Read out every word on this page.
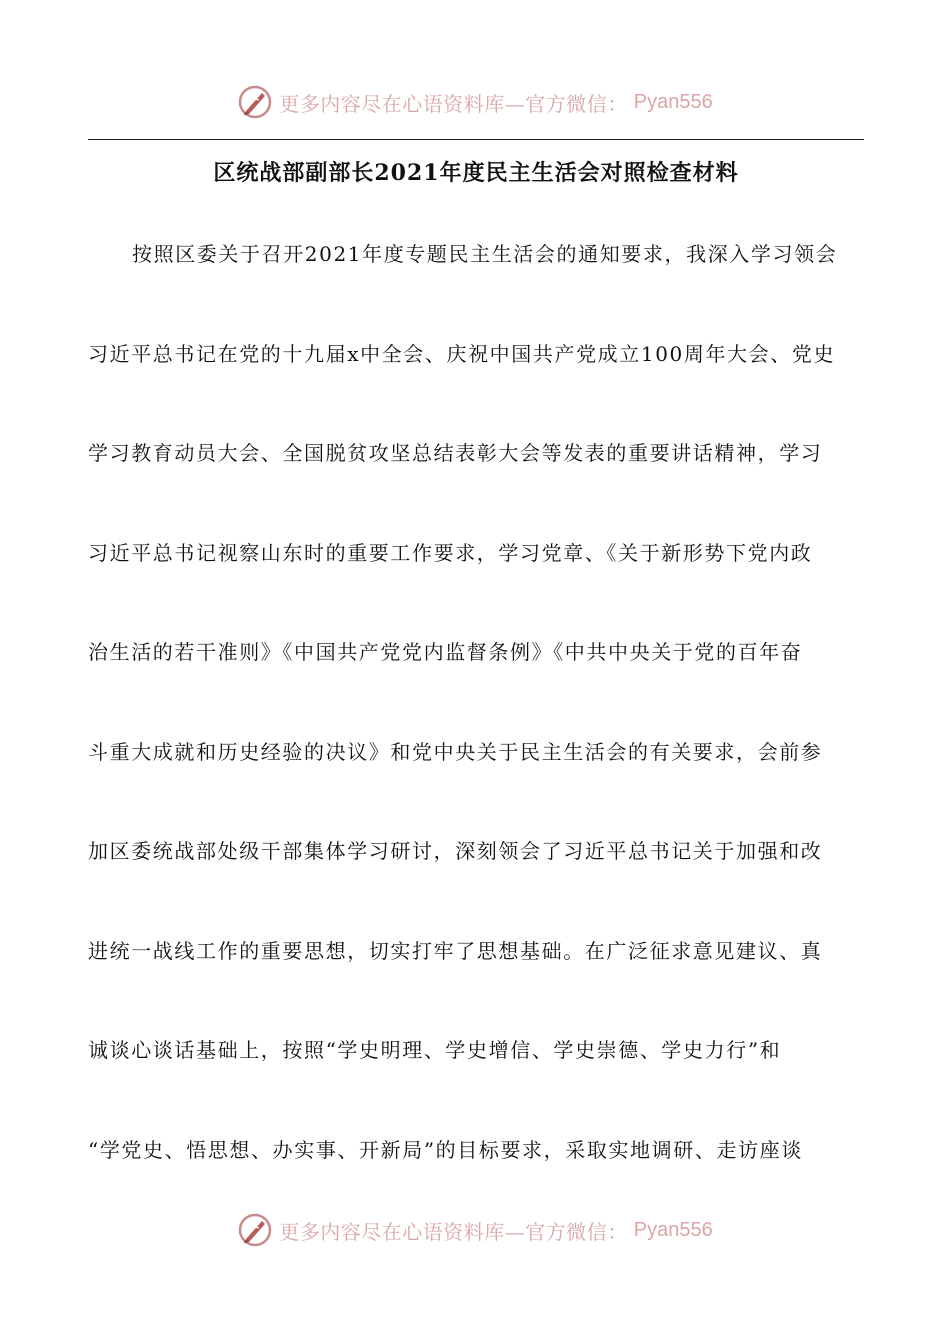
更多内容尽在心语资料库—官方微信： Pyan556
区统战部副部长2021年度民主生活会对照检查材料
按照区委关于召开2021年度专题民主生活会的通知要求，我深入学习领会
习近平总书记在党的十九届x中全会、庆祝中国共产党成立100周年大会、党史
学习教育动员大会、全国脱贫攻坚总结表彰大会等发表的重要讲话精神，学习
习近平总书记视察山东时的重要工作要求，学习党章、《关于新形势下党内政
治生活的若干准则》《中国共产党党内监督条例》《中共中央关于党的百年奋
斗重大成就和历史经验的决议》和党中央关于民主生活会的有关要求，会前参
加区委统战部处级干部集体学习研讨，深刻领会了习近平总书记关于加强和改
进统一战线工作的重要思想，切实打牢了思想基础。在广泛征求意见建议、真
诚谈心谈话基础上，按照“学史明理、学史增信、学史崇德、学史力行”和
“学党史、悟思想、办实事、开新局”的目标要求，采取实地调研、走访座谈
更多内容尽在心语资料库—官方微信： Pyan556
